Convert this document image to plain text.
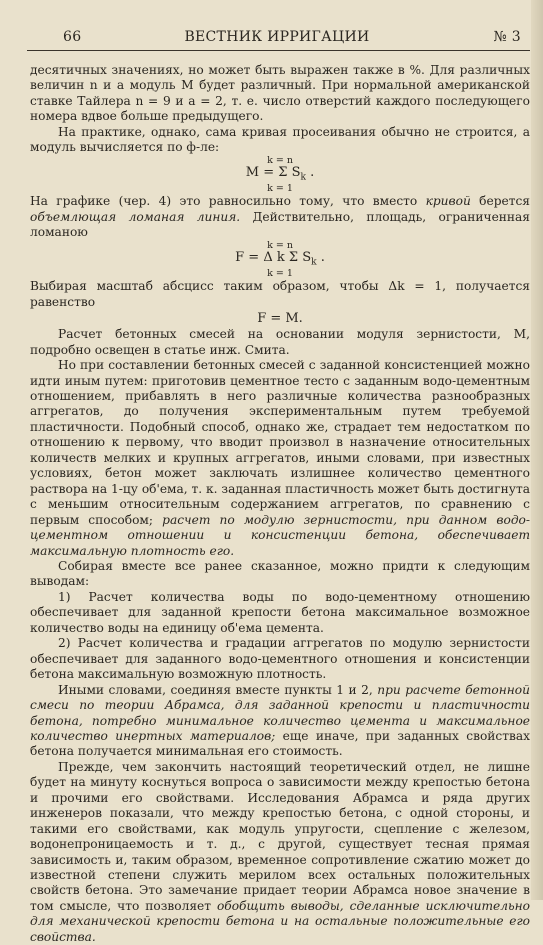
ВЕСТНИК ИРРИГАЦИИ
66	№ 3

десятичных значениях, но может быть выражен также в %. Для различных величин n и a модуль M будет различный. При нормальной американской ставке Тайлера n = 9 и a = 2, т. е. число отверстий каждого последующего номера вдвое больше предыдущего.

На практике, однако, сама кривая просеивания обычно не строится, а модуль вычисляется по ф-ле:

k = n
M = Σ $S_k$ .
k = 1

На графике (чер. 4) это равносильно тому, что вместо кривой берется объемлющая ломаная линия. Действительно, площадь, ограниченная ломаною

k = n
F = Δ k Σ $S_k$ .
k = 1

Выбирая масштаб абсцисс таким образом, чтобы Δk = 1, получается равенство

F = M.

Расчет бетонных смесей на основании модуля зернистости, M, подробно освещен в статье инж. Смита.

Но при составлении бетонных смесей с заданной консистенцией можно идти иным путем: приготовив цементное тесто с заданным водо-цементным отношением, прибавлять в него различные количества разнообразных аггрегатов, до получения экспериментальным путем требуемой пластичности. Подобный способ, однако же, страдает тем недостатком по отношению к первому, что вводит произвол в назначение относительных количеств мелких и крупных аггрегатов, иными словами, при известных условиях, бетон может заключать излишнее количество цементного раствора на 1-цу об'ема, т. к. заданная пластичность может быть достигнута с меньшим относительным содержанием аггрегатов, по сравнению с первым способом; расчет по модулю зернистости, при данном водо-цементном отношении и консистенции бетона, обеспечивает максимальную плотность его.

Собирая вместе все ранее сказанное, можно придти к следующим выводам:

1) Расчет количества воды по водо-цементному отношению обеспечивает для заданной крепости бетона максимальное возможное количество воды на единицу об'ема цемента.

2) Расчет количества и градации аггрегатов по модулю зернистости обеспечивает для заданного водо-цементного отношения и консистенции бетона максимальную возможную плотность.

Иными словами, соединяя вместе пункты 1 и 2, при расчете бетонной смеси по теории Абрамса, для заданной крепости и пластичности бетона, потребно минимальное количество цемента и максимальное количество инертных материалов; еще иначе, при заданных свойствах бетона получается минимальная его стоимость.

Прежде, чем закончить настоящий теоретический отдел, не лишне будет на минуту коснуться вопроса о зависимости между крепостью бетона и прочими его свойствами. Исследования Абрамса и ряда других инженеров показали, что между крепостью бетона, с одной стороны, и такими его свойствами, как модуль упругости, сцепление с железом, водонепроницаемость и т. д., с другой, существует тесная прямая зависимость и, таким образом, временное сопротивление сжатию может до известной степени служить мерилом всех остальных положительных свойств бетона. Это замечание придает теории Абрамса новое значение в том смысле, что позволяет обобщить выводы, сделанные исключительно для механической крепости бетона и на остальные положительные его свойства.
